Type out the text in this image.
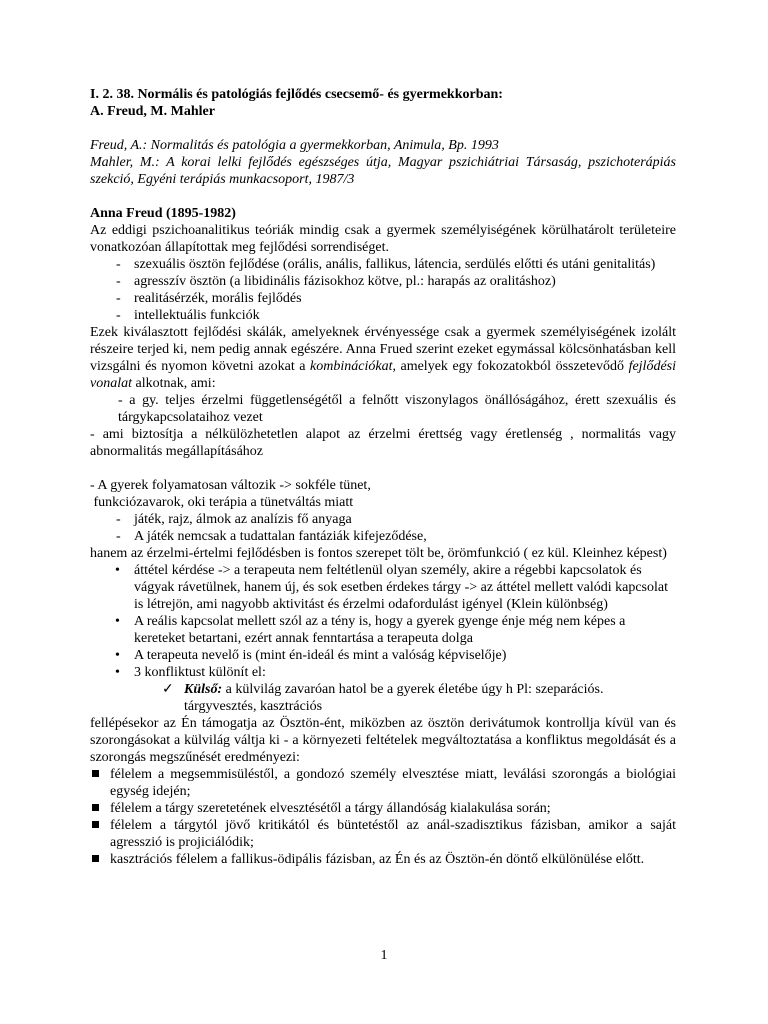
I. 2. 38. Normális és patológiás fejlődés csecsemő- és gyermekkorban:

A. Freud, M. Mahler

Freud, A.: Normalitás és patológia a gyermekkorban, Animula, Bp. 1993

Mahler, M.: A korai lelki fejlődés egészséges útja, Magyar pszichiátriai Társaság, pszichoterápiás szekció, Egyéni terápiás munkacsoport, 1987/3

Anna Freud (1895-1982)

Az eddigi pszichoanalitikus teóriák mindig csak a gyermek személyiségének körülhatárolt területeire vonatkozóan állapítottak meg fejlődési sorrendiséget.

- szexuális ösztön fejlődése (orális, anális, fallikus, látencia, serdülés előtti és utáni genitalitás)
- agresszív ösztön (a libidinális fázisokhoz kötve, pl.: harapás az oralitáshoz)
- realitásérzék, morális fejlődés
- intellektuális funkciók

Ezek kiválasztott fejlődési skálák, amelyeknek érvényessége csak a gyermek személyiségének izolált részeire terjed ki, nem pedig annak egészére. Anna Frued szerint ezeket egymással kölcsönhatásban kell vizsgálni és nyomon követni azokat a kombinációkat, amelyek egy fokozatokból összetevődő fejlődési vonalat alkotnak, ami:

- a gy. teljes érzelmi függetlenségétől a felnőtt viszonylagos önállóságához, érett szexuális és tárgykapcsolataihoz vezet

- ami biztosítja a nélkülözhetetlen alapot az érzelmi érettség vagy éretlenség , normalitás vagy abnormalitás megállapításához

- A gyerek folyamatosan változik -> sokféle tünet,

funkciózavarok, oki terápia a tünetváltás miatt

- játék, rajz, álmok az analízis fő anyaga
- A játék nemcsak a tudattalan fantáziák kifejeződése,

hanem az érzelmi-értelmi fejlődésben is fontos szerepet tölt be, örömfunkció ( ez kül. Kleinhez képest)

• áttétel kérdése -> a terapeuta nem feltétlenül olyan személy, akire a régebbi kapcsolatok és vágyak rávetülnek, hanem új, és sok esetben érdekes tárgy -> az áttétel mellett valódi kapcsolat is létrejön, ami nagyobb aktivitást és érzelmi odafordulást igényel (Klein különbség)
• A reális kapcsolat mellett szól az a tény is, hogy a gyerek gyenge énje még nem képes a kereteket betartani, ezért annak fenntartása a terapeuta dolga
• A terapeuta nevelő is (mint én-ideál és mint a valóság képviselője)
• 3 konfliktust különít el:
✓ Külső: a külvilág zavaróan hatol be a gyerek életébe úgy h Pl: szeparációs. tárgyvesztés, kasztrációs

fellépésekor az Én támogatja az Ösztön-ént, miközben az ösztön derivátumok kontrollja kívül van és szorongásokat a külvilág váltja ki - a környezeti feltételek megváltoztatása a konfliktus megoldását és a szorongás megszűnését eredményezi:

félelem a megsemmisüléstől, a gondozó személy elvesztése miatt, leválási szorongás a biológiai egység idején;
félelem a tárgy szeretetének elvesztésétől a tárgy állandóság kialakulása során;
félelem a tárgytól jövő kritikától és büntetéstől az anál-szadisztikus fázisban, amikor a saját agresszió is projiciálódik;
kasztrációs félelem a fallikus-ödipális fázisban, az Én és az Ösztön-én döntő elkülönülése előtt.
1
